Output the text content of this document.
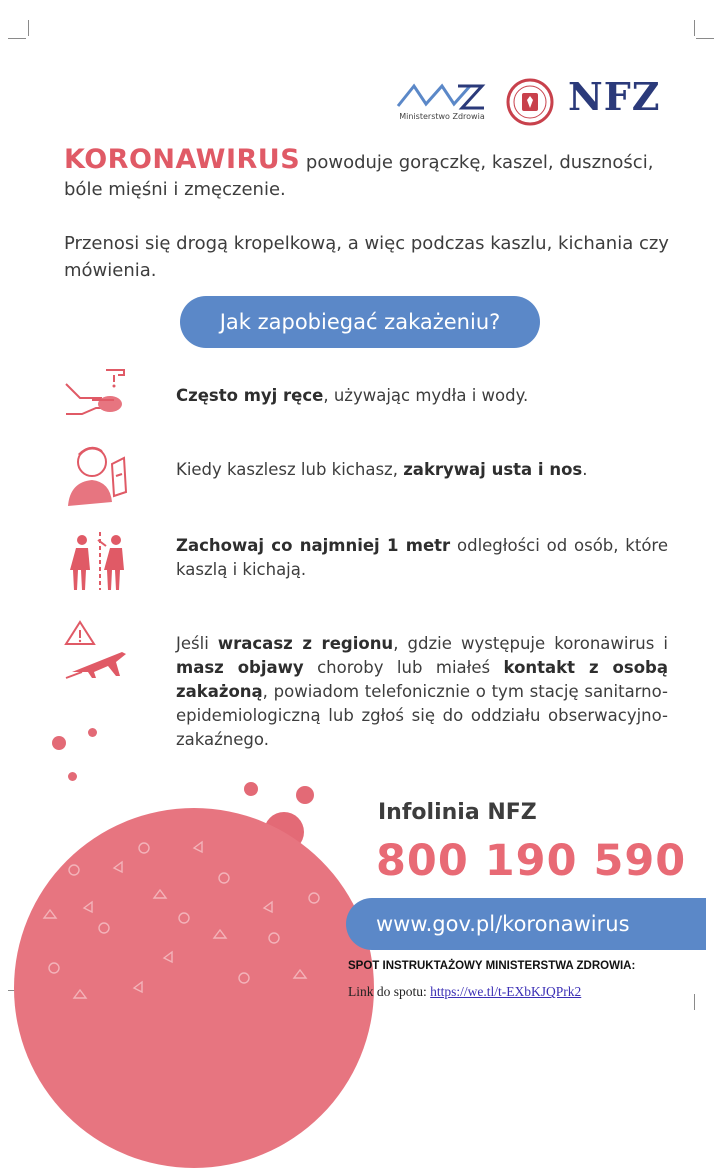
Ministerstwo Zdrowia NFZ
KORONAWIRUS powoduje gorączkę, kaszel, duszności, bóle mięśni i zmęczenie.
Przenosi się drogą kropelkową, a więc podczas kaszlu, kichania czy mówienia.
Jak zapobiegać zakażeniu?
Często myj ręce, używając mydła i wody.
Kiedy kaszlesz lub kichasz, zakrywaj usta i nos.
Zachowaj co najmniej 1 metr odległości od osób, które kaszlą i kichają.
Jeśli wracasz z regionu, gdzie występuje koronawirus i masz objawy choroby lub miałeś kontakt z osobą zakażoną, powiadom telefonicznie o tym stację sanitarno-epidemiologiczną lub zgłoś się do oddziału obserwacyjno-zakaźnego.
Infolinia NFZ
800 190 590
www.gov.pl/koronawirus
SPOT INSTRUKTAŻOWY MINISTERSTWA ZDROWIA:
Link do spotu: https://we.tl/t-EXbKJQPrk2
